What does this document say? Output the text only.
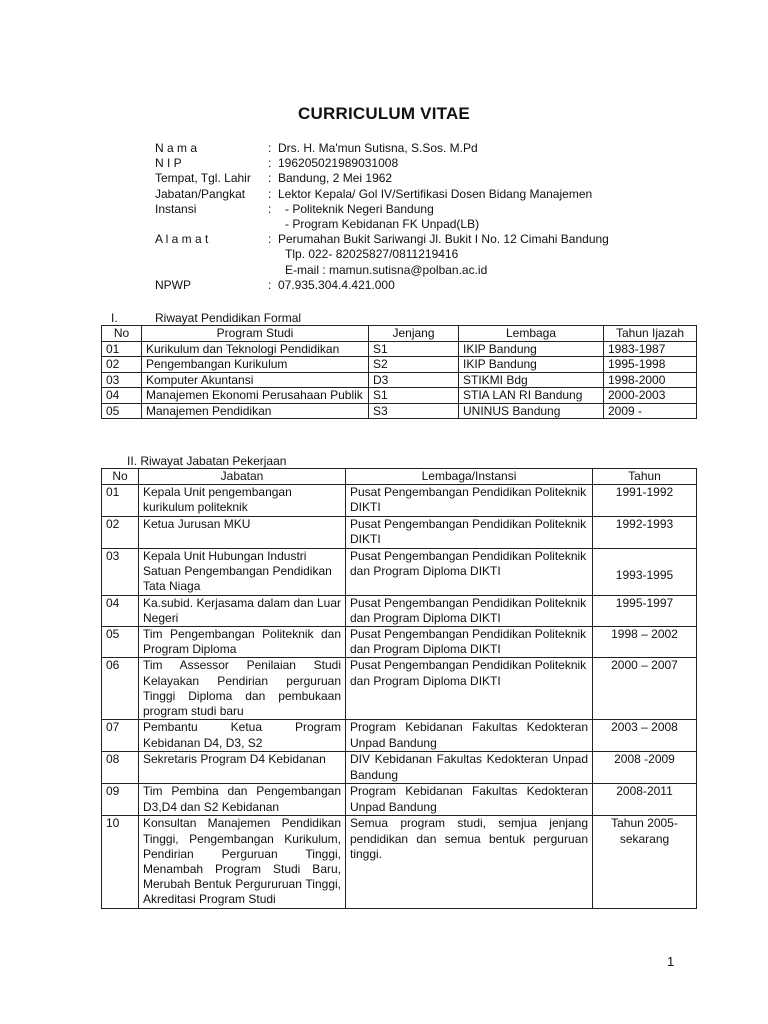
CURRICULUM VITAE
N a m a	: Drs. H. Ma'mun Sutisna, S.Sos. M.Pd
N I P	: 196205021989031008
Tempat, Tgl. Lahir : Bandung, 2 Mei 1962
Jabatan/Pangkat : Lektor Kepala/ Gol IV/Sertifikasi Dosen Bidang Manajemen
Instansi	: - Politeknik Negeri Bandung
- Program Kebidanan FK Unpad(LB)
A l a m a t	: Perumahan Bukit Sariwangi Jl. Bukit I No. 12 Cimahi Bandung
Tlp. 022- 82025827/0811219416
E-mail : mamun.sutisna@polban.ac.id
NPWP	: 07.935.304.4.421.000
I.	Riwayat Pendidikan Formal
No	Program Studi	Jenjang	Lembaga	Tahun Ijazah
01	Kurikulum dan Teknologi Pendidikan	S1	IKIP Bandung	1983-1987
02	Pengembangan Kurikulum	S2	IKIP Bandung	1995-1998
03	Komputer Akuntansi	D3	STIKMI Bdg	1998-2000
04	Manajemen Ekonomi Perusahaan Publik	S1	STIA LAN RI Bandung	2000-2003
05	Manajemen Pendidikan	S3	UNINUS Bandung	2009 -
II. Riwayat Jabatan Pekerjaan
No	Jabatan	Lembaga/Instansi	Tahun
01	Kepala Unit pengembangan kurikulum politeknik	Pusat Pengembangan Pendidikan Politeknik DIKTI	1991-1992
02	Ketua Jurusan MKU	Pusat Pengembangan Pendidikan Politeknik DIKTI	1992-1993
03	Kepala Unit Hubungan Industri Satuan Pengembangan Pendidikan Tata Niaga	Pusat Pengembangan Pendidikan Politeknik dan Program Diploma DIKTI	1993-1995
04	Ka.subid. Kerjasama dalam dan Luar Negeri	Pusat Pengembangan Pendidikan Politeknik dan Program Diploma DIKTI	1995-1997
05	Tim Pengembangan Politeknik dan Program Diploma	Pusat Pengembangan Pendidikan Politeknik dan Program Diploma DIKTI	1998 – 2002
06	Tim Assessor Penilaian Studi Kelayakan Pendirian perguruan Tinggi Diploma dan pembukaan program studi baru	Pusat Pengembangan Pendidikan Politeknik dan Program Diploma DIKTI	2000 – 2007
07	Pembantu Ketua Program Kebidanan D4, D3, S2	Program Kebidanan Fakultas Kedokteran Unpad Bandung	2003 – 2008
08	Sekretaris Program D4 Kebidanan	DIV Kebidanan Fakultas Kedokteran Unpad Bandung	2008 -2009
09	Tim Pembina dan Pengembangan D3,D4 dan S2 Kebidanan	Program Kebidanan Fakultas Kedokteran Unpad Bandung	2008-2011
10	Konsultan Manajemen Pendidikan Tinggi, Pengembangan Kurikulum, Pendirian Perguruan Tinggi, Menambah Program Studi Baru, Merubah Bentuk Pergururuan Tinggi, Akreditasi Program Studi	Semua program studi, semjua jenjang pendidikan dan semua bentuk perguruan tinggi.	Tahun 2005- sekarang
1
